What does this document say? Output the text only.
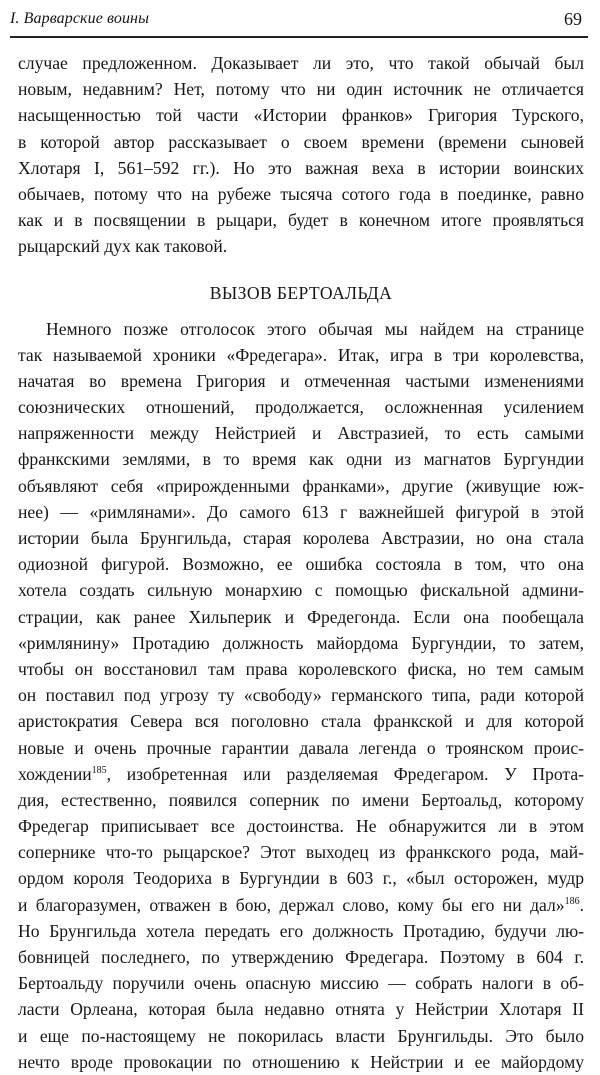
I. Варварские воины	69
случае предложенном. Доказывает ли это, что такой обычай был
новым, недавним? Нет, потому что ни один источник не отличается
насыщенностью той части «Истории франков» Григория Турского,
в которой автор рассказывает о своем времени (времени сыновей
Хлотаря I, 561–592 гг.). Но это важная веха в истории воинских
обычаев, потому что на рубеже тысяча сотого года в поединке, равно
как и в посвящении в рыцари, будет в конечном итоге проявляться
рыцарский дух как таковой.
ВЫЗОВ БЕРТОАЛЬДА
Немного позже отголосок этого обычая мы найдем на странице
так называемой хроники «Фредегара». Итак, игра в три королевства,
начатая во времена Григория и отмеченная частыми изменениями
союзнических отношений, продолжается, осложненная усилением
напряженности между Нейстрией и Австразией, то есть самыми
франкскими землями, в то время как одни из магнатов Бургундии
объявляют себя «прирожденными франками», другие (живущие юж-
нее) — «римлянами». До самого 613 г важнейшей фигурой в этой
истории была Брунгильда, старая королева Австразии, но она стала
одиозной фигурой. Возможно, ее ошибка состояла в том, что она
хотела создать сильную монархию с помощью фискальной админи-
страции, как ранее Хильперик и Фредегонда. Если она пообещала
«римлянину» Протадию должность майордома Бургундии, то затем,
чтобы он восстановил там права королевского фиска, но тем самым
он поставил под угрозу ту «свободу» германского типа, ради которой
аристократия Севера вся поголовно стала франкской и для которой
новые и очень прочные гарантии давала легенда о троянском проис-
хождении$^{185}$, изобретенная или разделяемая Фредегаром. У Прота-
дия, естественно, появился соперник по имени Бертоальд, которому
Фредегар приписывает все достоинства. Не обнаружится ли в этом
сопернике что-то рыцарское? Этот выходец из франкского рода, май-
ордом короля Теодориха в Бургундии в 603 г., «был осторожен, мудр
и благоразумен, отважен в бою, держал слово, кому бы его ни дал»$^{186}$.
Но Брунгильда хотела передать его должность Протадию, будучи лю-
бовницей последнего, по утверждению Фредегара. Поэтому в 604 г.
Бертоальду поручили очень опасную миссию — собрать налоги в об-
ласти Орлеана, которая была недавно отнята у Нейстрии Хлотаря II
и еще по-настоящему не покорилась власти Брунгильды. Это было
нечто вроде провокации по отношению к Нейстрии и ее майордому
